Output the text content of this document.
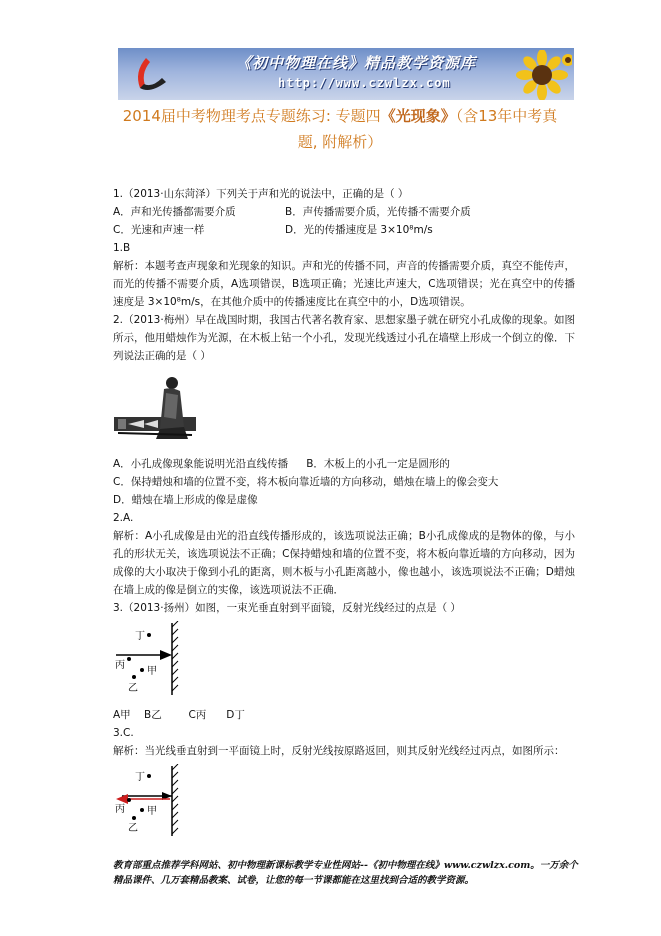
《初中物理在线》精品教学资源库
http://www.czwlzx.com
2014届中考物理考点专题练习: 专题四《光现象》（含13年中考真
题, 附解析）
1.（2013·山东菏泽）下列关于声和光的说法中，正确的是（ ）
A．声和光传播都需要介质	B．声传播需要介质，光传播不需要介质
C．光速和声速一样	D．光的传播速度是 3×10⁸m/s
1.B
解析：本题考查声现象和光现象的知识。声和光的传播不同，声音的传播需要介质，真空不能传声，而光的传播不需要介质，A选项错误，B选项正确；光速比声速大，C选项错误；光在真空中的传播速度是 3×10⁸m/s，在其他介质中的传播速度比在真空中的小，D选项错误。
2.（2013·梅州）早在战国时期，我国古代著名教育家、思想家墨子就在研究小孔成像的现象。如图所示，他用蜡烛作为光源，在木板上钻一个小孔，发现光线透过小孔在墙壁上形成一个倒立的像．下列说法正确的是（ ）
A．小孔成像现象能说明光沿直线传播 B．木板上的小孔一定是圆形的
C．保持蜡烛和墙的位置不变，将木板向靠近墙的方向移动，蜡烛在墙上的像会变大
D．蜡烛在墙上形成的像是虚像
2.A.
解析：A小孔成像是由光的沿直线传播形成的，该选项说法正确；B小孔成像成的是物体的像，与小孔的形状无关，该选项说法不正确；C保持蜡烛和墙的位置不变，将木板向靠近墙的方向移动，因为成像的大小取决于像到小孔的距离，则木板与小孔距离越小，像也越小，该选项说法不正确；D蜡烛在墙上成的像是倒立的实像，该选项说法不正确．
3.（2013·扬州）如图，一束光垂直射到平面镜，反射光线经过的点是（ ）
丁
丙
甲
乙
A甲    B乙        C丙      D丁
3.C.
解析：当光线垂直射到一平面镜上时，反射光线按原路返回，则其反射光线经过丙点，如图所示：
丁
丙 甲
乙
教育部重点推荐学科网站、初中物理新课标教学专业性网站--《初中物理在线》www.czwlzx.com。一万余个精品课件、几万套精品教案、试卷，让您的每一节课都能在这里找到合适的教学资源。
